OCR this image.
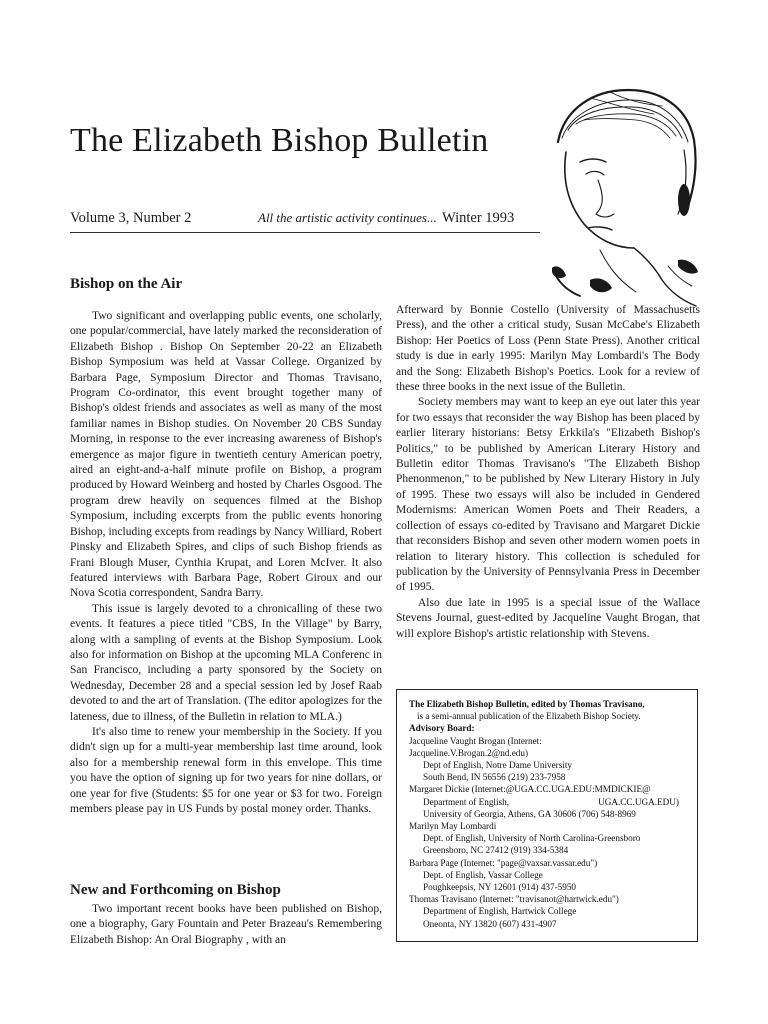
The Elizabeth Bishop Bulletin
Volume 3, Number 2	All the artistic activity continues... Winter 1993
Bishop on the Air

Two significant and overlapping public events, one scholarly, one popular/commercial, have lately marked the reconsideration of Elizabeth Bishop . Bishop On September 20-22 an Elizabeth Bishop Symposium was held at Vassar College. Organized by Barbara Page, Symposium Director and Thomas Travisano, Program Co-ordinator, this event brought together many of Bishop's oldest friends and associates as well as many of the most familiar names in Bishop studies. On November 20 CBS Sunday Morning, in response to the ever increasing awareness of Bishop's emergence as major figure in twentieth century American poetry, aired an eight-and-a-half minute profile on Bishop, a program produced by Howard Weinberg and hosted by Charles Osgood. The program drew heavily on sequences filmed at the Bishop Symposium, including excerpts from the public events honoring Bishop, including excepts from readings by Nancy Williard, Robert Pinsky and Elizabeth Spires, and clips of such Bishop friends as Frani Blough Muser, Cynthia Krupat, and Loren McIver. It also featured interviews with Barbara Page, Robert Giroux and our Nova Scotia correspondent, Sandra Barry.

This issue is largely devoted to a chronicalling of these two events. It features a piece titled "CBS, In the Village" by Barry, along with a sampling of events at the Bishop Symposium. Look also for information on Bishop at the upcoming MLA Conferenc in San Francisco, including a party sponsored by the Society on Wednesday, December 28 and a special session led by Josef Raab devoted to and the art of Translation. (The editor apologizes for the lateness, due to illness, of the Bulletin in relation to MLA.)

It's also time to renew your membership in the Society. If you didn't sign up for a multi-year membership last time around, look also for a membership renewal form in this envelope. This time you have the option of signing up for two years for nine dollars, or one year for five (Students: $5 for one year or $3 for two. Foreign members please pay in US Funds by postal money order. Thanks.

New and Forthcoming on Bishop

Two important recent books have been published on Bishop, one a biography, Gary Fountain and Peter Brazeau's Remembering Elizabeth Bishop: An Oral Biography , with an

Afterward by Bonnie Costello (University of Massachusetts Press), and the other a critical study, Susan McCabe's Elizabeth Bishop: Her Poetics of Loss (Penn State Press). Another critical study is due in early 1995: Marilyn May Lombardi's The Body and the Song: Elizabeth Bishop's Poetics. Look for a review of these three books in the next issue of the Bulletin.

Society members may want to keep an eye out later this year for two essays that reconsider the way Bishop has been placed by earlier literary historians: Betsy Erkkila's "Elizabeth Bishop's Politics," to be published by American Literary History and Bulletin editor Thomas Travisano's "The Elizabeth Bishop Phenonmenon," to be published by New Literary History in July of 1995. These two essays will also be included in Gendered Modernisms: American Women Poets and Their Readers, a collection of essays co-edited by Travisano and Margaret Dickie that reconsiders Bishop and seven other modern women poets in relation to literary history. This collection is scheduled for publication by the University of Pennsylvania Press in December of 1995.

Also due late in 1995 is a special issue of the Wallace Stevens Journal, guest-edited by Jacqueline Vaught Brogan, that will explore Bishop's artistic relationship with Stevens.

The Elizabeth Bishop Bulletin, edited by Thomas Travisano,
is a semi-annual publication of the Elizabeth Bishop Society.
Advisory Board:
Jacqueline Vaught Brogan (Internet:
Jacqueline.V.Brogan.2@nd.edu)
Dept of English, Notre Dame University
South Bend, IN 56556 (219) 233-7958
Margaret Dickie (Internet:@UGA.CC.UGA.EDU:MMDICKIE@
Department of English,	UGA.CC.UGA.EDU)
University of Georgia, Athens, GA 30606 (706) 548-8969
Marilyn May Lombardi
Dept. of English, University of North Carolina-Greensboro
Greensboro, NC 27412 (919) 334-5384
Barbara Page (Internet: "page@vaxsar.vassar.edu")
Dept. of English, Vassar College
Poughkeepsis, NY 12601 (914) 437-5950
Thomas Travisano (Internet: "travisanot@hartwick.edu")
Department of English, Hartwick College
Oneonta, NY 13820 (607) 431-4907
